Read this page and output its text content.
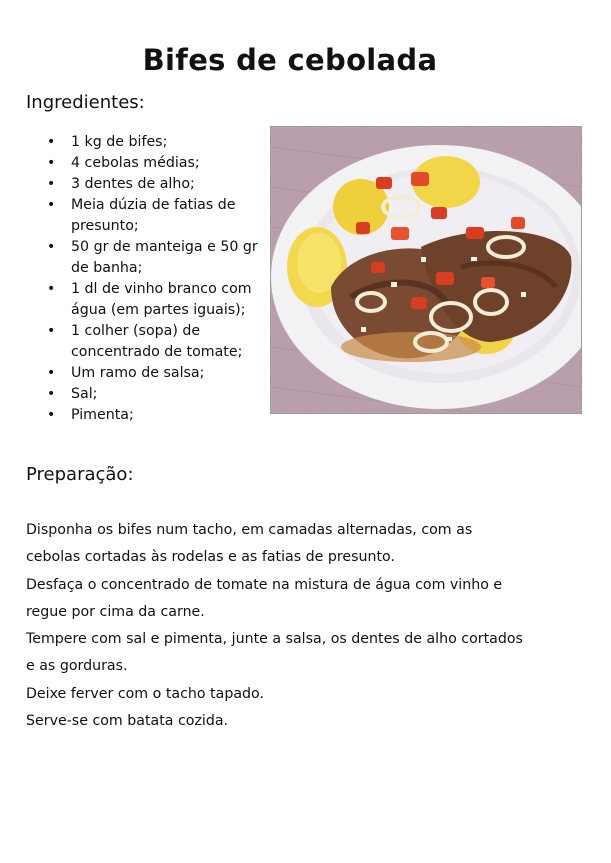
Bifes de cebolada
Ingredientes:
• 1 kg de bifes;
• 4 cebolas médias;
• 3 dentes de alho;
• Meia dúzia de fatias de presunto;
• 50 gr de manteiga e 50 gr de banha;
• 1 dl de vinho branco com água (em partes iguais);
• 1 colher (sopa) de concentrado de tomate;
• Um ramo de salsa;
• Sal;
• Pimenta;
Preparação:

Disponha os bifes num tacho, em camadas alternadas, com as

cebolas cortadas às rodelas e as fatias de presunto.

Desfaça o concentrado de tomate na mistura de água com vinho e

regue por cima da carne.

Tempere com sal e pimenta, junte a salsa, os dentes de alho cortados

e as gorduras.

Deixe ferver com o tacho tapado.

Serve-se com batata cozida.
